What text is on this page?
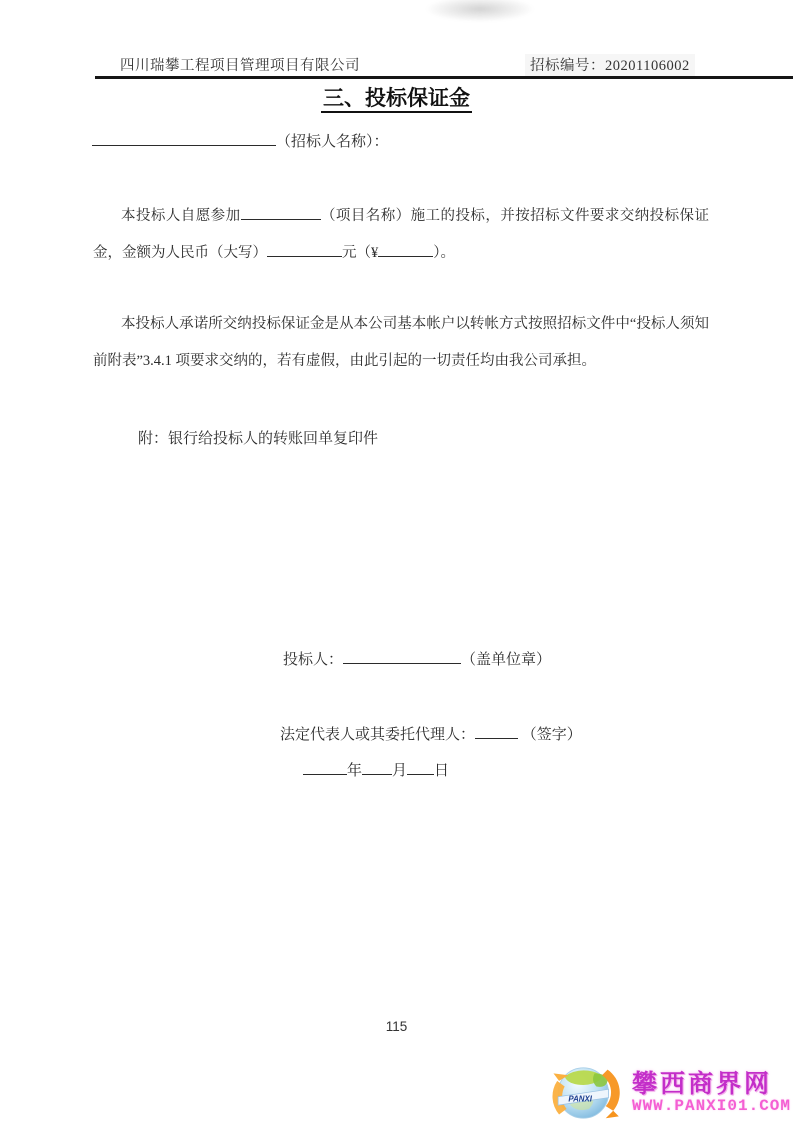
四川瑞攀工程项目管理项目有限公司	招标编号：20201106002
三、投标保证金
（招标人名称）：

本投标人自愿参加	（项目名称）施工的投标，并按招标文件要求交纳投标保证金，金额为人民币（大写）	元（¥	）。

本投标人承诺所交纳投标保证金是从本公司基本帐户以转帐方式按照招标文件中“投标人须知前附表”3.4.1 项要求交纳的，若有虚假，由此引起的一切责任均由我公司承担。

附：银行给投标人的转账回单复印件
投标人：	（盖单位章）
法定代表人或其委托代理人：	（签字）
年 月 日
115
PANXI
攀西商界网
WWW.PANXI01.COM
